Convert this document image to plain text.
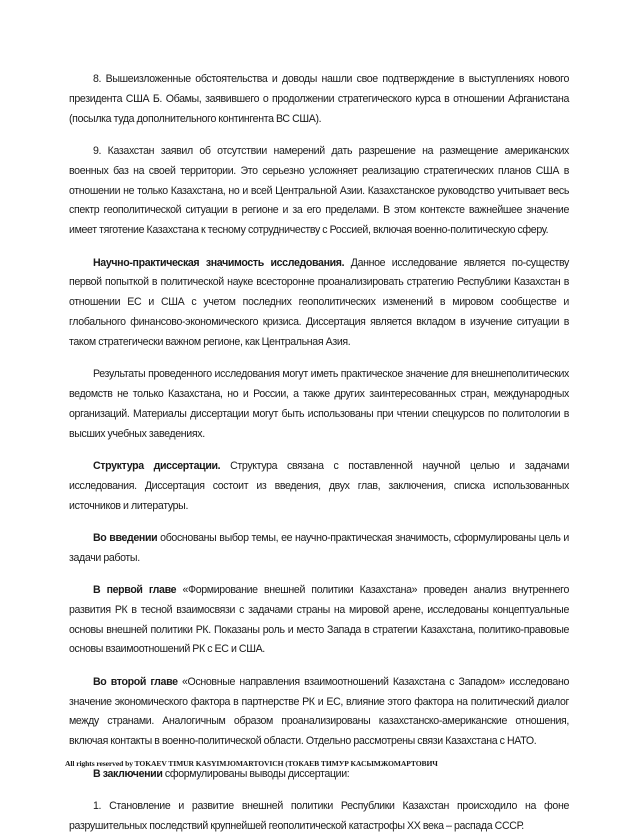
8. Вышеизложенные обстоятельства и доводы нашли свое подтверждение в выступлениях нового президента США Б. Обамы, заявившего о продолжении стратегического курса в отношении Афганистана (посылка туда дополнительного контингента ВС США).

9. Казахстан заявил об отсутствии намерений дать разрешение на размещение американских военных баз на своей территории. Это серьезно усложняет реализацию стратегических планов США в отношении не только Казахстана, но и всей Центральной Азии. Казахстанское руководство учитывает весь спектр геополитической ситуации в регионе и за его пределами. В этом контексте важнейшее значение имеет тяготение Казахстана к тесному сотрудничеству с Россией, включая военно-политическую сферу.

Научно-практическая значимость исследования. Данное исследование является по-существу первой попыткой в политической науке всесторонне проанализировать стратегию Республики Казахстан в отношении ЕС и США с учетом последних геополитических изменений в мировом сообществе и глобального финансово-экономического кризиса. Диссертация является вкладом в изучение ситуации в таком стратегически важном регионе, как Центральная Азия.

Результаты проведенного исследования могут иметь практическое значение для внешнеполитических ведомств не только Казахстана, но и России, а также других заинтересованных стран, международных организаций. Материалы диссертации могут быть использованы при чтении спецкурсов по политологии в высших учебных заведениях.

Структура диссертации. Структура связана с поставленной научной целью и задачами исследования. Диссертация состоит из введения, двух глав, заключения, списка использованных источников и литературы.

Во введении обоснованы выбор темы, ее научно-практическая значимость, сформулированы цель и задачи работы.

В первой главе «Формирование внешней политики Казахстана» проведен анализ внутреннего развития РК в тесной взаимосвязи с задачами страны на мировой арене, исследованы концептуальные основы внешней политики РК. Показаны роль и место Запада в стратегии Казахстана, политико-правовые основы взаимоотношений РК с ЕС и США.

Во второй главе «Основные направления взаимоотношений Казахстана с Западом» исследовано значение экономического фактора в партнерстве РК и ЕС, влияние этого фактора на политический диалог между странами. Аналогичным образом проанализированы казахстанско-американские отношения, включая контакты в военно-политической области. Отдельно рассмотрены связи Казахстана с НАТО.

В заключении сформулированы выводы диссертации:

1. Становление и развитие внешней политики Республики Казахстан происходило на фоне разрушительных последствий крупнейшей геополитической катастрофы XX века – распада СССР.

All rights reserved by TOKAEV TIMUR KASYIMJOMARTOVICH (ТОКАЕВ ТИМУР КАСЫМЖОМАРТОВИЧ
